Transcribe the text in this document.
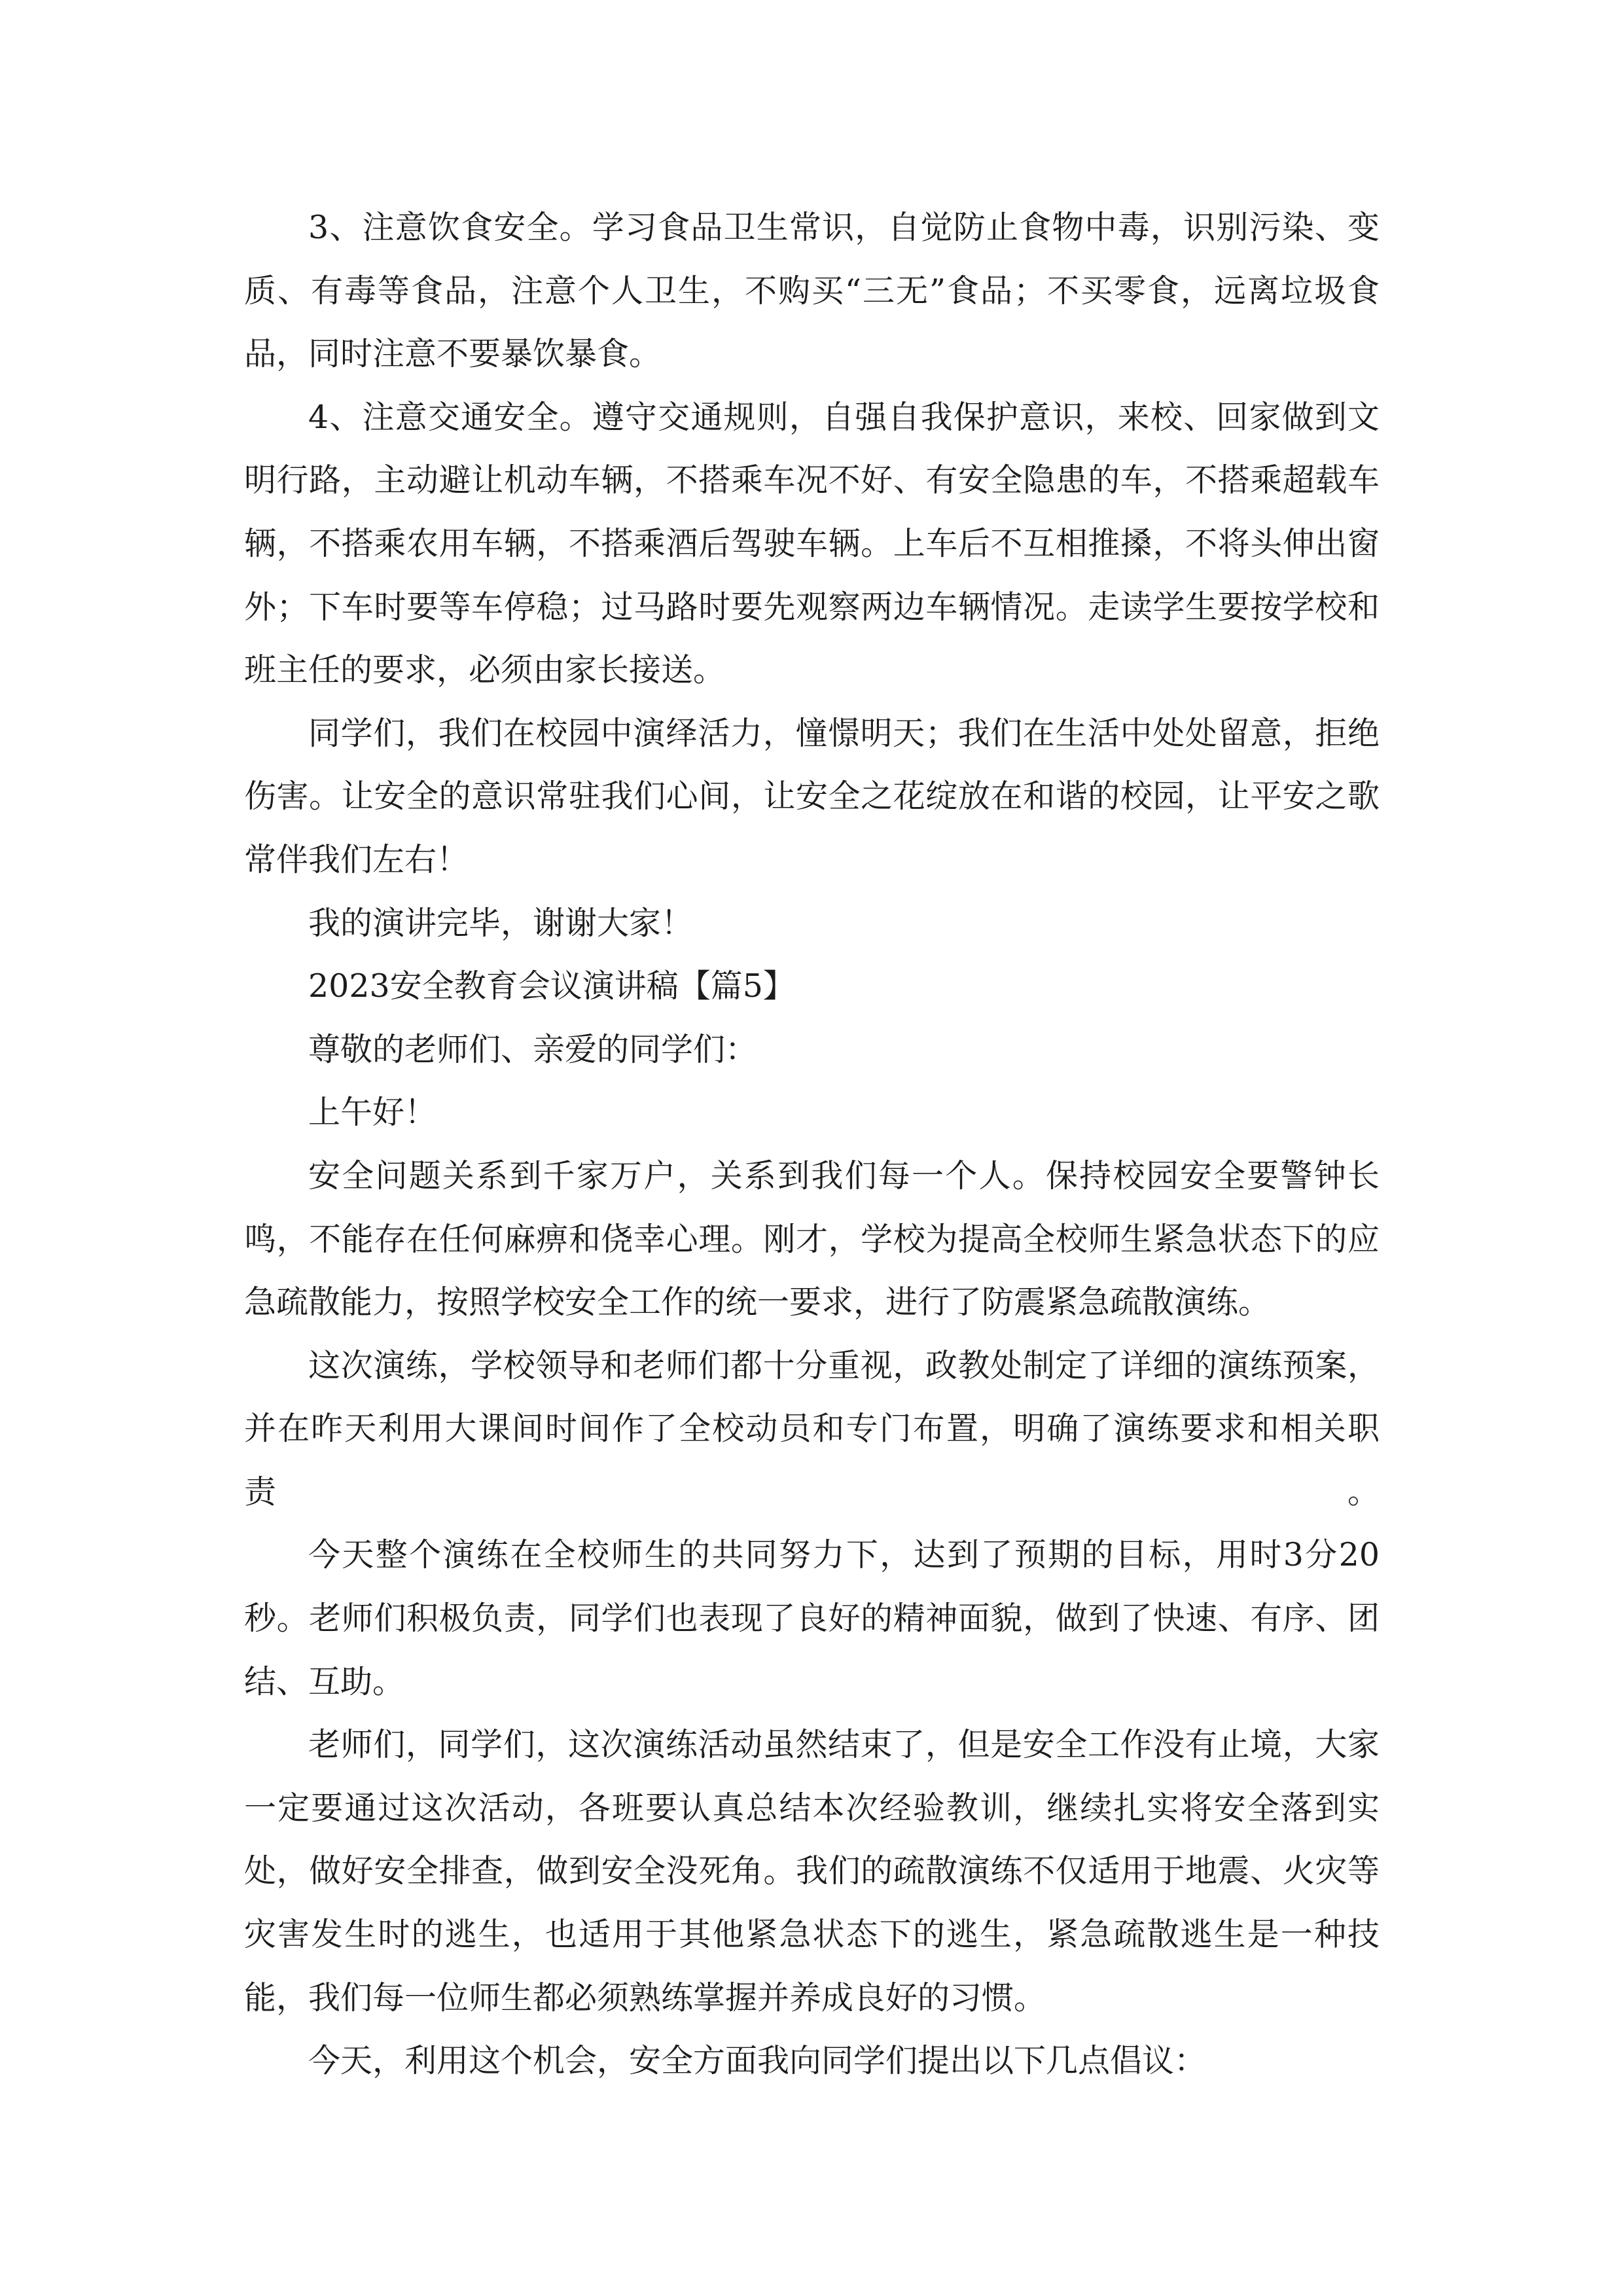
3、注意饮食安全。学习食品卫生常识，自觉防止食物中毒，识别污染、变质、有毒等食品，注意个人卫生，不购买“三无”食品；不买零食，远离垃圾食品，同时注意不要暴饮暴食。

4、注意交通安全。遵守交通规则，自强自我保护意识，来校、回家做到文明行路，主动避让机动车辆，不搭乘车况不好、有安全隐患的车，不搭乘超载车辆，不搭乘农用车辆，不搭乘酒后驾驶车辆。上车后不互相推搡，不将头伸出窗外；下车时要等车停稳；过马路时要先观察两边车辆情况。走读学生要按学校和班主任的要求，必须由家长接送。

同学们，我们在校园中演绎活力，憧憬明天；我们在生活中处处留意，拒绝伤害。让安全的意识常驻我们心间，让安全之花绽放在和谐的校园，让平安之歌常伴我们左右！

我的演讲完毕，谢谢大家！

2023安全教育会议演讲稿【篇5】

尊敬的老师们、亲爱的同学们：

上午好！

安全问题关系到千家万户，关系到我们每一个人。保持校园安全要警钟长鸣，不能存在任何麻痹和侥幸心理。刚才，学校为提高全校师生紧急状态下的应急疏散能力，按照学校安全工作的统一要求，进行了防震紧急疏散演练。

这次演练，学校领导和老师们都十分重视，政教处制定了详细的演练预案，并在昨天利用大课间时间作了全校动员和专门布置，明确了演练要求和相关职责。

今天整个演练在全校师生的共同努力下，达到了预期的目标，用时3分20秒。老师们积极负责，同学们也表现了良好的精神面貌，做到了快速、有序、团结、互助。

老师们，同学们，这次演练活动虽然结束了，但是安全工作没有止境，大家一定要通过这次活动，各班要认真总结本次经验教训，继续扎实将安全落到实处，做好安全排查，做到安全没死角。我们的疏散演练不仅适用于地震、火灾等灾害发生时的逃生，也适用于其他紧急状态下的逃生，紧急疏散逃生是一种技能，我们每一位师生都必须熟练掌握并养成良好的习惯。

今天，利用这个机会，安全方面我向同学们提出以下几点倡议：
